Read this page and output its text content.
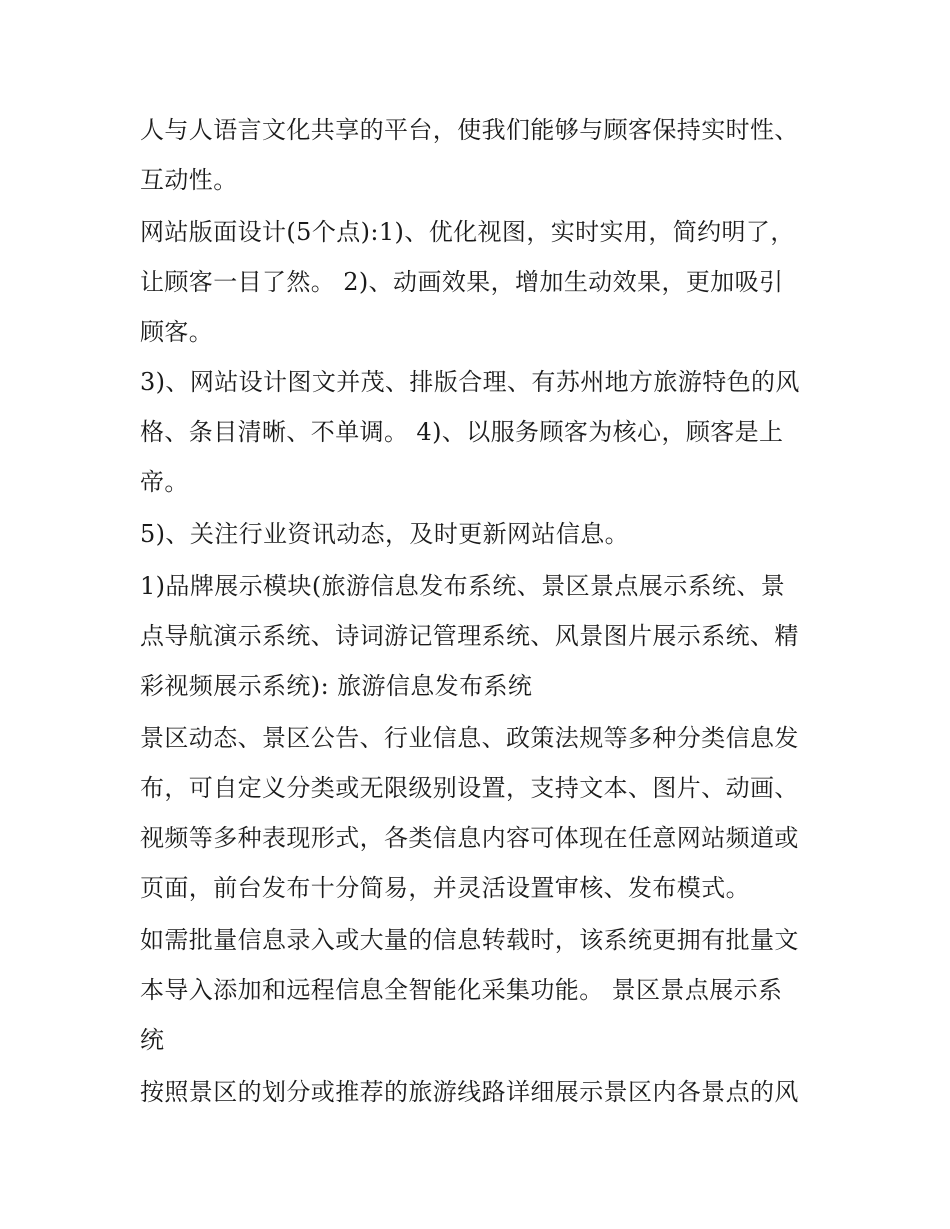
人与人语言文化共享的平台，使我们能够与顾客保持实时性、
互动性。
网站版面设计(5个点):1)、优化视图，实时实用，简约明了，
让顾客一目了然。 2)、动画效果，增加生动效果，更加吸引
顾客。
3)、网站设计图文并茂、排版合理、有苏州地方旅游特色的风
格、条目清晰、不单调。 4)、以服务顾客为核心，顾客是上
帝。
5)、关注行业资讯动态，及时更新网站信息。
1)品牌展示模块(旅游信息发布系统、景区景点展示系统、景
点导航演示系统、诗词游记管理系统、风景图片展示系统、精
彩视频展示系统): 旅游信息发布系统
景区动态、景区公告、行业信息、政策法规等多种分类信息发
布，可自定义分类或无限级别设置，支持文本、图片、动画、
视频等多种表现形式，各类信息内容可体现在任意网站频道或
页面，前台发布十分简易，并灵活设置审核、发布模式。
如需批量信息录入或大量的信息转载时，该系统更拥有批量文
本导入添加和远程信息全智能化采集功能。 景区景点展示系
统
按照景区的划分或推荐的旅游线路详细展示景区内各景点的风
